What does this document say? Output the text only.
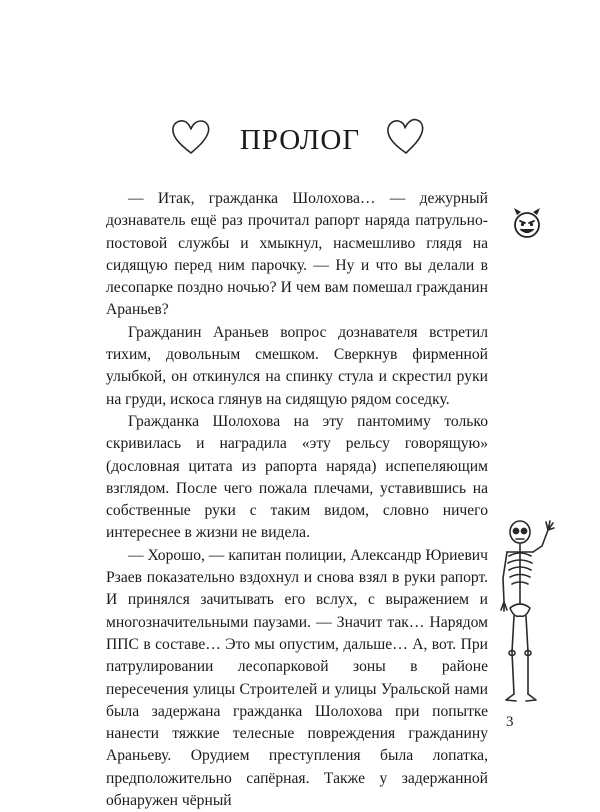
ПРОЛОГ

— Итак, гражданка Шолохова… — дежурный дознаватель ещё раз прочитал рапорт наряда патрульно-постовой службы и хмыкнул, насмешливо глядя на сидящую перед ним парочку. — Ну и что вы делали в лесопарке поздно ночью? И чем вам помешал гражданин Араньев?

Гражданин Араньев вопрос дознавателя встретил тихим, довольным смешком. Сверкнув фирменной улыбкой, он откинулся на спинку стула и скрестил руки на груди, искоса глянув на сидящую рядом соседку.

Гражданка Шолохова на эту пантомиму только скривилась и наградила «эту рельсу говорящую» (дословная цитата из рапорта наряда) испепеляющим взглядом. После чего пожала плечами, уставившись на собственные руки с таким видом, словно ничего интереснее в жизни не видела.

— Хорошо, — капитан полиции, Александр Юриевич Рзаев показательно вздохнул и снова взял в руки рапорт. И принялся зачитывать его вслух, с выражением и многозначительными паузами. — Значит так… Нарядом ППС в составе… Это мы опустим, дальше… А, вот. При патрулировании лесопарковой зоны в районе пересечения улицы Строителей и улицы Уральской нами была задержана гражданка Шолохова при попытке нанести тяжкие телесные повреждения гражданину Араньеву. Орудием преступления была лопатка, предположительно сапёрная. Также у задержанной обнаружен чёрный

3
